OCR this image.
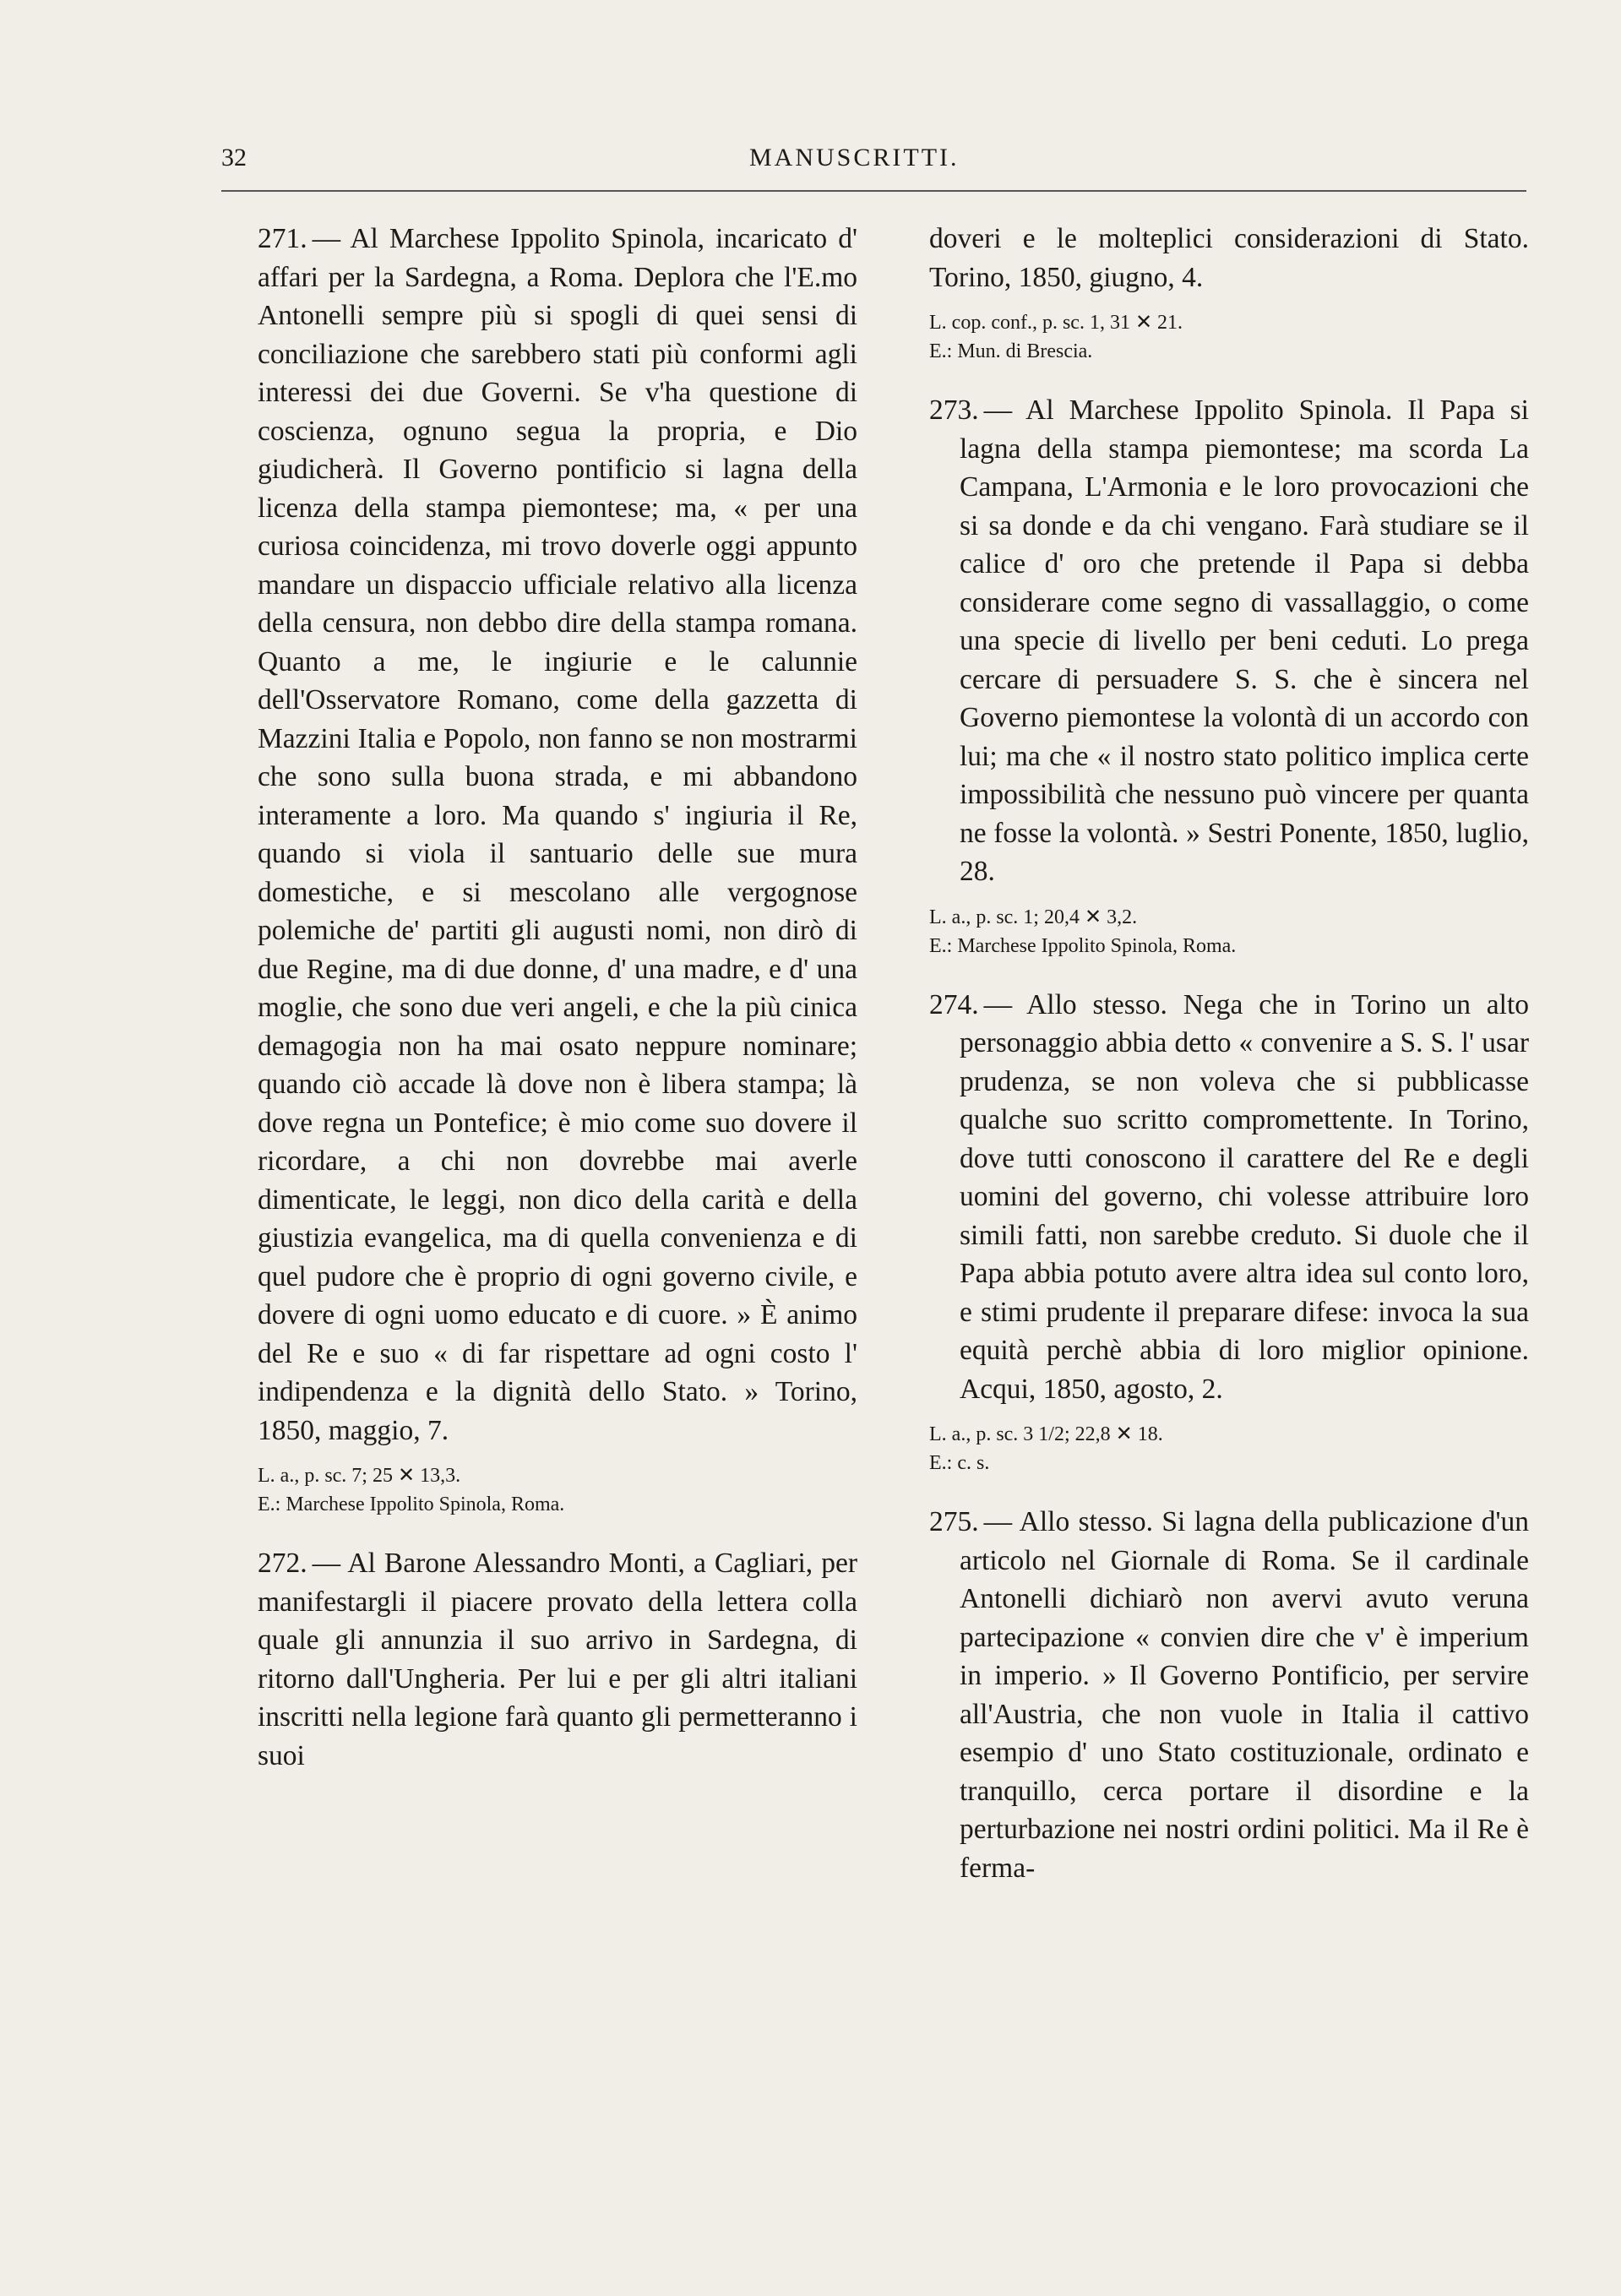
32	MANUSCRITTI.

271. — Al Marchese Ippolito Spinola, incaricato d' affari per la Sardegna, a Roma. Deplora che l'E.mo Antonelli sempre più si spogli di quei sensi di conciliazione che sarebbero stati più conformi agli interessi dei due Governi. Se v'ha questione di coscienza, ognuno segua la propria, e Dio giudicherà. Il Governo pontificio si lagna della licenza della stampa piemontese; ma, « per una curiosa coincidenza, mi trovo doverle oggi appunto mandare un dispaccio ufficiale relativo alla licenza della censura, non debbo dire della stampa romana. Quanto a me, le ingiurie e le calunnie dell'Osservatore Romano, come della gazzetta di Mazzini Italia e Popolo, non fanno se non mostrarmi che sono sulla buona strada, e mi abbandono interamente a loro. Ma quando s' ingiuria il Re, quando si viola il santuario delle sue mura domestiche, e si mescolano alle vergognose polemiche de' partiti gli augusti nomi, non dirò di due Regine, ma di due donne, d' una madre, e d' una moglie, che sono due veri angeli, e che la più cinica demagogia non ha mai osato neppure nominare; quando ciò accade là dove non è libera stampa; là dove regna un Pontefice; è mio come suo dovere il ricordare, a chi non dovrebbe mai averle dimenticate, le leggi, non dico della carità e della giustizia evangelica, ma di quella convenienza e di quel pudore che è proprio di ogni governo civile, e dovere di ogni uomo educato e di cuore. » È animo del Re e suo « di far rispettare ad ogni costo l' indipendenza e la dignità dello Stato. » Torino, 1850, maggio, 7.

L. a., p. sc. 7; 25 ✕ 13,3.
E.: Marchese Ippolito Spinola, Roma.

272. — Al Barone Alessandro Monti, a Cagliari, per manifestargli il piacere provato della lettera colla quale gli annunzia il suo arrivo in Sardegna, di ritorno dall'Ungheria. Per lui e per gli altri italiani inscritti nella legione farà quanto gli permetteranno i suoi

doveri e le molteplici considerazioni di Stato. Torino, 1850, giugno, 4.

L. cop. conf., p. sc. 1, 31 ✕ 21.
E.: Mun. di Brescia.

273. — Al Marchese Ippolito Spinola. Il Papa si lagna della stampa piemontese; ma scorda La Campana, L'Armonia e le loro provocazioni che si sa donde e da chi vengano. Farà studiare se il calice d' oro che pretende il Papa si debba considerare come segno di vassallaggio, o come una specie di livello per beni ceduti. Lo prega cercare di persuadere S. S. che è sincera nel Governo piemontese la volontà di un accordo con lui; ma che « il nostro stato politico implica certe impossibilità che nessuno può vincere per quanta ne fosse la volontà. » Sestri Ponente, 1850, luglio, 28.

L. a., p. sc. 1; 20,4 ✕ 3,2.
E.: Marchese Ippolito Spinola, Roma.

274. — Allo stesso. Nega che in Torino un alto personaggio abbia detto « convenire a S. S. l' usar prudenza, se non voleva che si pubblicasse qualche suo scritto compromettente. In Torino, dove tutti conoscono il carattere del Re e degli uomini del governo, chi volesse attribuire loro simili fatti, non sarebbe creduto. Si duole che il Papa abbia potuto avere altra idea sul conto loro, e stimi prudente il preparare difese: invoca la sua equità perchè abbia di loro miglior opinione. Acqui, 1850, agosto, 2.

L. a., p. sc. 3 1/2; 22,8 ✕ 18.
E.: c. s.

275. — Allo stesso. Si lagna della publicazione d'un articolo nel Giornale di Roma. Se il cardinale Antonelli dichiarò non avervi avuto veruna partecipazione « convien dire che v' è imperium in imperio. » Il Governo Pontificio, per servire all'Austria, che non vuole in Italia il cattivo esempio d' uno Stato costituzionale, ordinato e tranquillo, cerca portare il disordine e la perturbazione nei nostri ordini politici. Ma il Re è ferma-
